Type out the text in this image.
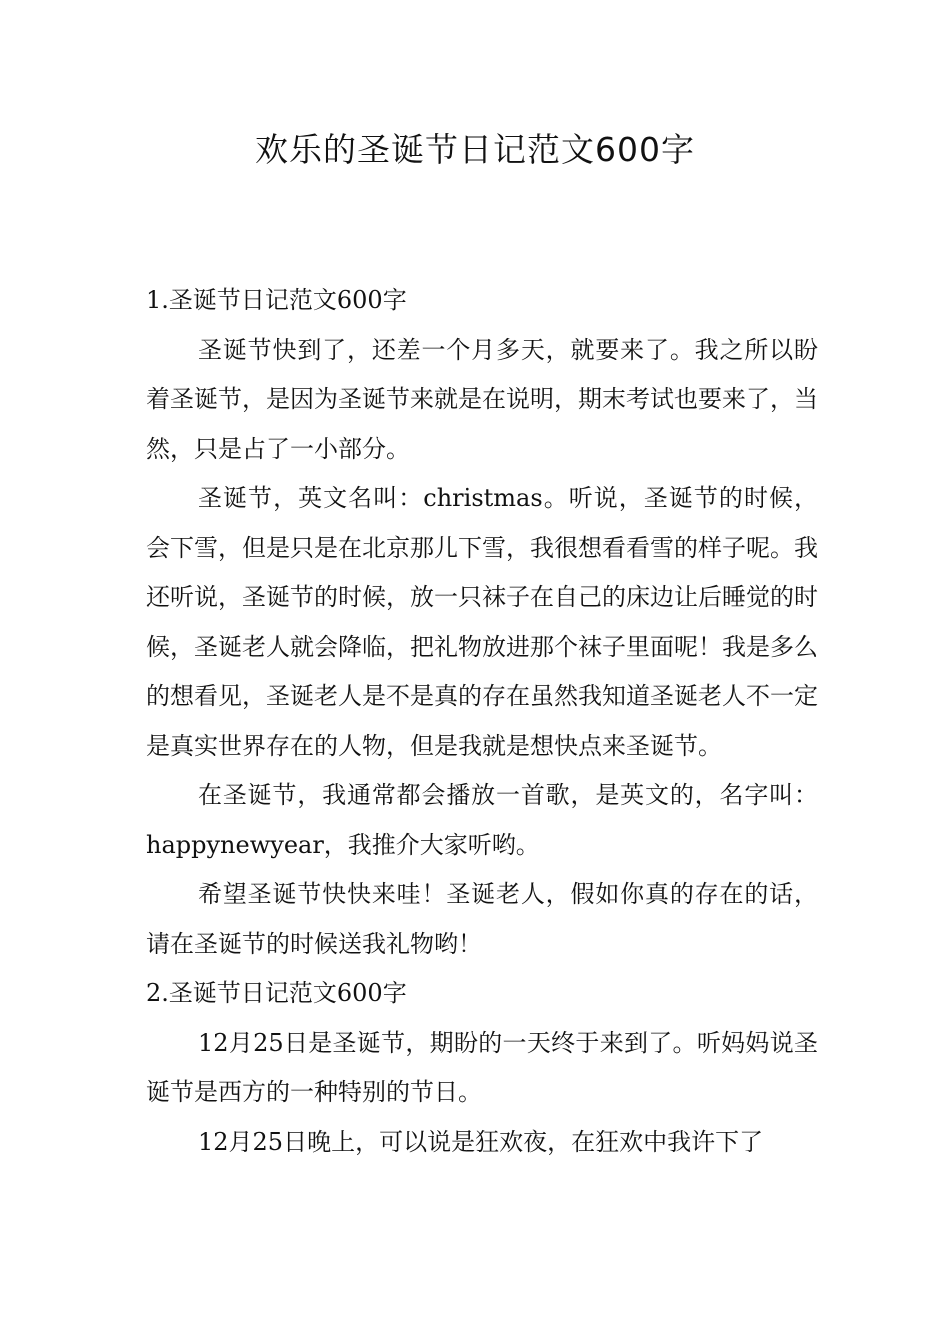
欢乐的圣诞节日记范文600字

1.圣诞节日记范文600字

圣诞节快到了，还差一个月多天，就要来了。我之所以盼着圣诞节，是因为圣诞节来就是在说明，期末考试也要来了，当然，只是占了一小部分。

圣诞节，英文名叫：christmas。听说，圣诞节的时候，会下雪，但是只是在北京那儿下雪，我很想看看雪的样子呢。我还听说，圣诞节的时候，放一只袜子在自己的床边让后睡觉的时候，圣诞老人就会降临，把礼物放进那个袜子里面呢！我是多么的想看见，圣诞老人是不是真的存在虽然我知道圣诞老人不一定是真实世界存在的人物，但是我就是想快点来圣诞节。

在圣诞节，我通常都会播放一首歌，是英文的，名字叫：happynewyear，我推介大家听哟。

希望圣诞节快快来哇！圣诞老人，假如你真的存在的话，请在圣诞节的时候送我礼物哟！

2.圣诞节日记范文600字

12月25日是圣诞节，期盼的一天终于来到了。听妈妈说圣诞节是西方的一种特别的节日。

12月25日晚上，可以说是狂欢夜，在狂欢中我许下了
